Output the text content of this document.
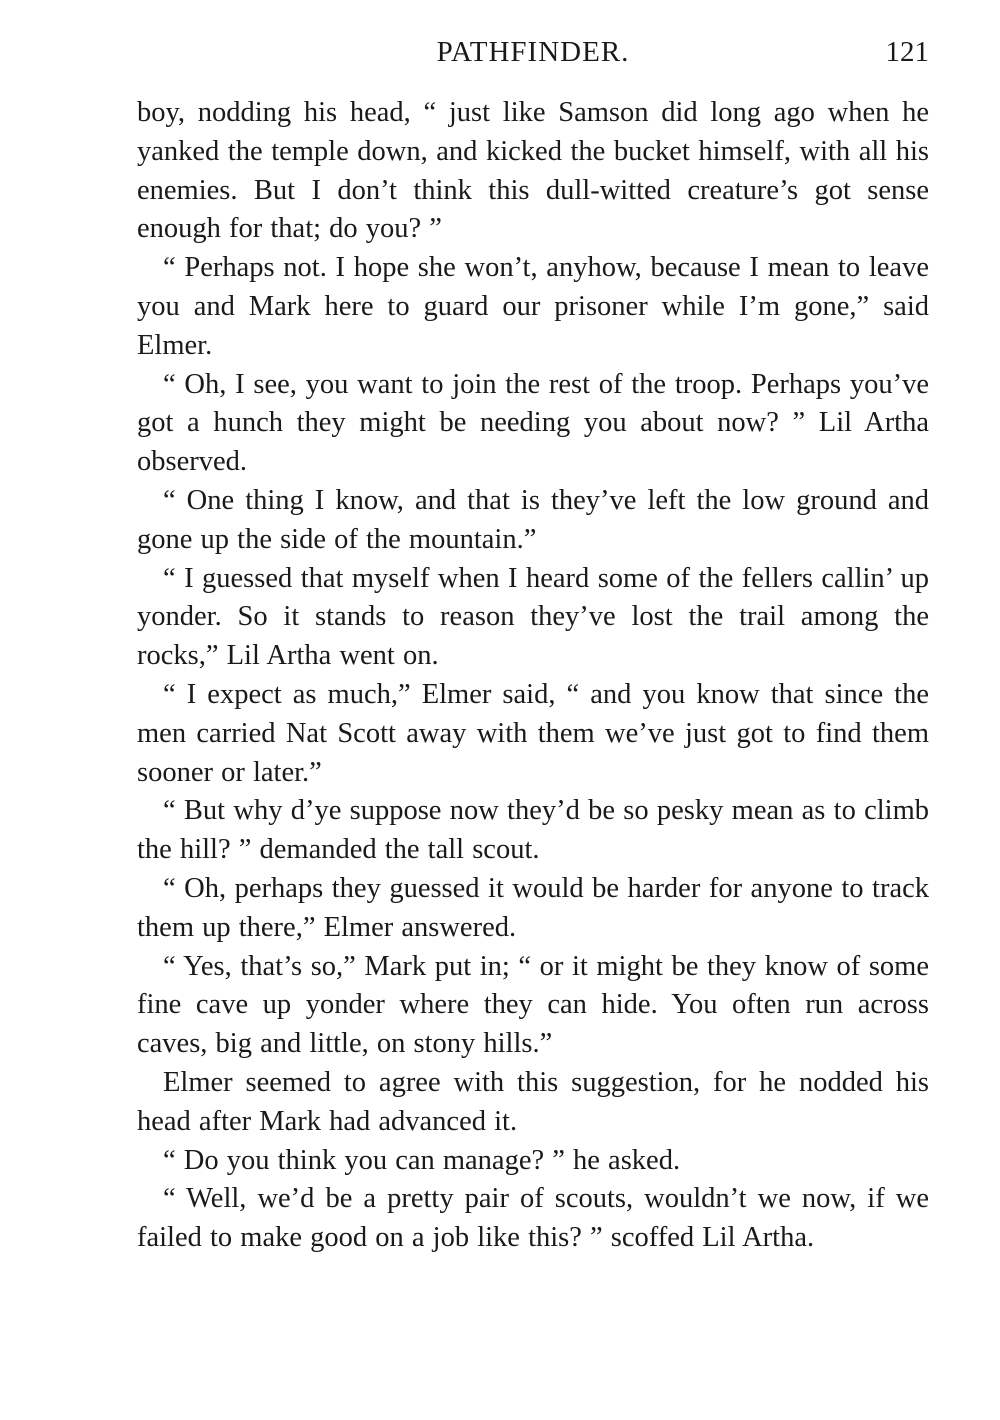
PATHFINDER.	121

boy, nodding his head, “ just like Samson did long ago when he yanked the temple down, and kicked the bucket himself, with all his enemies. But I don’t think this dull-witted creature’s got sense enough for that; do you? ”

“ Perhaps not. I hope she won’t, anyhow, because I mean to leave you and Mark here to guard our prisoner while I’m gone,” said Elmer.

“ Oh, I see, you want to join the rest of the troop. Perhaps you’ve got a hunch they might be needing you about now? ” Lil Artha observed.

“ One thing I know, and that is they’ve left the low ground and gone up the side of the mountain.”

“ I guessed that myself when I heard some of the fellers callin’ up yonder. So it stands to reason they’ve lost the trail among the rocks,” Lil Artha went on.

“ I expect as much,” Elmer said, “ and you know that since the men carried Nat Scott away with them we’ve just got to find them sooner or later.”

“ But why d’ye suppose now they’d be so pesky mean as to climb the hill? ” demanded the tall scout.

“ Oh, perhaps they guessed it would be harder for anyone to track them up there,” Elmer answered.

“ Yes, that’s so,” Mark put in; “ or it might be they know of some fine cave up yonder where they can hide. You often run across caves, big and little, on stony hills.”

Elmer seemed to agree with this suggestion, for he nodded his head after Mark had advanced it.

“ Do you think you can manage? ” he asked.

“ Well, we’d be a pretty pair of scouts, wouldn’t we now, if we failed to make good on a job like this? ” scoffed Lil Artha.
